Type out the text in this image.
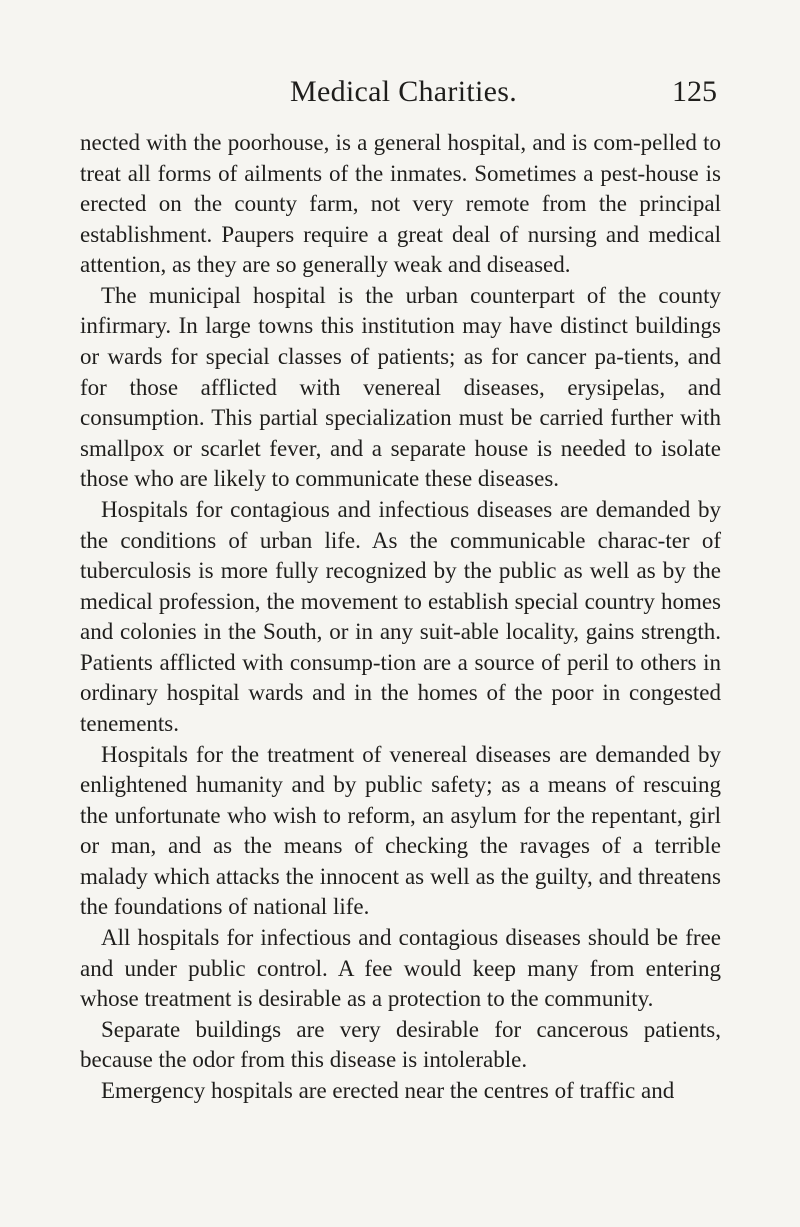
Medical Charities.	125

nected with the poorhouse, is a general hospital, and is com-pelled to treat all forms of ailments of the inmates. Sometimes a pest-house is erected on the county farm, not very remote from the principal establishment. Paupers require a great deal of nursing and medical attention, as they are so generally weak and diseased.

The municipal hospital is the urban counterpart of the county infirmary. In large towns this institution may have distinct buildings or wards for special classes of patients; as for cancer pa-tients, and for those afflicted with venereal diseases, erysipelas, and consumption. This partial specialization must be carried further with smallpox or scarlet fever, and a separate house is needed to isolate those who are likely to communicate these diseases.

Hospitals for contagious and infectious diseases are demanded by the conditions of urban life. As the communicable charac-ter of tuberculosis is more fully recognized by the public as well as by the medical profession, the movement to establish special country homes and colonies in the South, or in any suit-able locality, gains strength. Patients afflicted with consump-tion are a source of peril to others in ordinary hospital wards and in the homes of the poor in congested tenements.

Hospitals for the treatment of venereal diseases are demanded by enlightened humanity and by public safety; as a means of rescuing the unfortunate who wish to reform, an asylum for the repentant, girl or man, and as the means of checking the ravages of a terrible malady which attacks the innocent as well as the guilty, and threatens the foundations of national life.

All hospitals for infectious and contagious diseases should be free and under public control. A fee would keep many from entering whose treatment is desirable as a protection to the community.

Separate buildings are very desirable for cancerous patients, because the odor from this disease is intolerable.

Emergency hospitals are erected near the centres of traffic and
